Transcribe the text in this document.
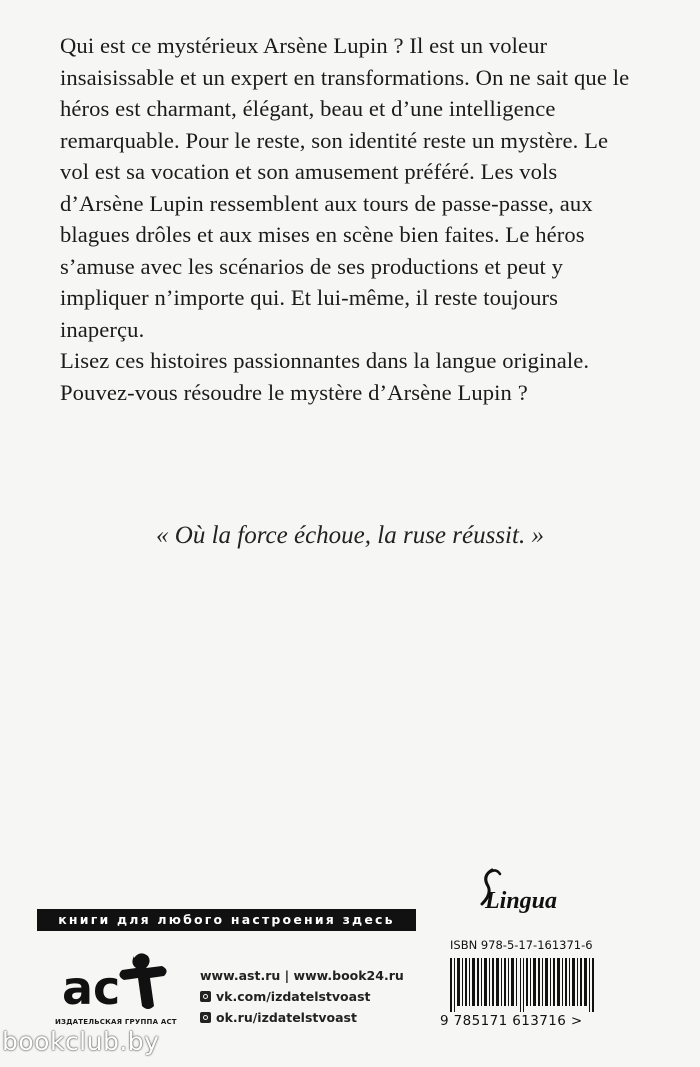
Qui est ce mystérieux Arsène Lupin ? Il est un voleur insaisissable et un expert en transformations. On ne sait que le héros est charmant, élégant, beau et d’une intelligence remarquable. Pour le reste, son identité reste un mystère. Le vol est sa vocation et son amusement préféré. Les vols d’Arsène Lupin ressemblent aux tours de passe-passe, aux blagues drôles et aux mises en scène bien faites. Le héros s’amuse avec les scénarios de ses productions et peut y impliquer n’importe qui. Et lui-même, il reste toujours inaperçu.

Lisez ces histoires passionnantes dans la langue originale. Pouvez-vous résoudre le mystère d’Arsène Lupin ?

« Où la force échoue, la ruse réussit. »
книги для любого настроения здесь
ac
ИЗДАТЕЛЬСКАЯ ГРУППА АСТ
www.ast.ru | www.book24.ru
vk.com/izdatelstvoast
ok.ru/izdatelstvoast
Lingua
ISBN 978-5-17-161371-6
9 785171 613716 >
bookclub.by
